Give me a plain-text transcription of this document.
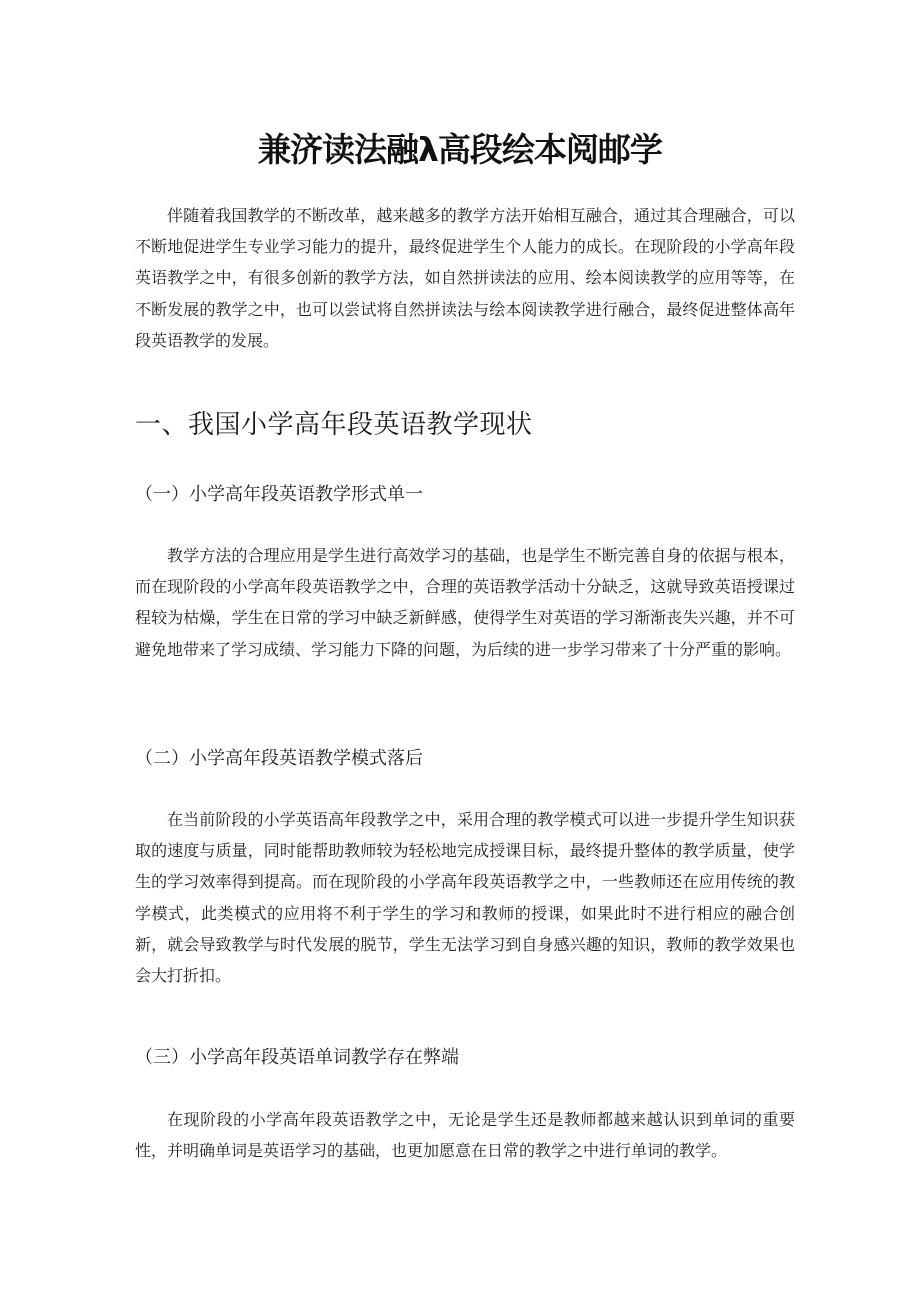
兼济读法融λ高段绘本阅邮学

伴随着我国教学的不断改革，越来越多的教学方法开始相互融合，通过其合理融合，可以不断地促进学生专业学习能力的提升，最终促进学生个人能力的成长。在现阶段的小学高年段英语教学之中，有很多创新的教学方法，如自然拼读法的应用、绘本阅读教学的应用等等，在不断发展的教学之中，也可以尝试将自然拼读法与绘本阅读教学进行融合，最终促进整体高年段英语教学的发展。

一、我国小学高年段英语教学现状
（一）小学高年段英语教学形式单一

教学方法的合理应用是学生进行高效学习的基础，也是学生不断完善自身的依据与根本，而在现阶段的小学高年段英语教学之中，合理的英语教学活动十分缺乏，这就导致英语授课过程较为枯燥，学生在日常的学习中缺乏新鲜感，使得学生对英语的学习渐渐丧失兴趣，并不可避免地带来了学习成绩、学习能力下降的问题，为后续的进一步学习带来了十分严重的影响。

（二）小学高年段英语教学模式落后

在当前阶段的小学英语高年段教学之中，采用合理的教学模式可以进一步提升学生知识获取的速度与质量，同时能帮助教师较为轻松地完成授课目标，最终提升整体的教学质量，使学生的学习效率得到提高。而在现阶段的小学高年段英语教学之中，一些教师还在应用传统的教学模式，此类模式的应用将不利于学生的学习和教师的授课，如果此时不进行相应的融合创新，就会导致教学与时代发展的脱节，学生无法学习到自身感兴趣的知识，教师的教学效果也会大打折扣。

（三）小学高年段英语单词教学存在弊端

在现阶段的小学高年段英语教学之中，无论是学生还是教师都越来越认识到单词的重要性，并明确单词是英语学习的基础，也更加愿意在日常的教学之中进行单词的教学。
